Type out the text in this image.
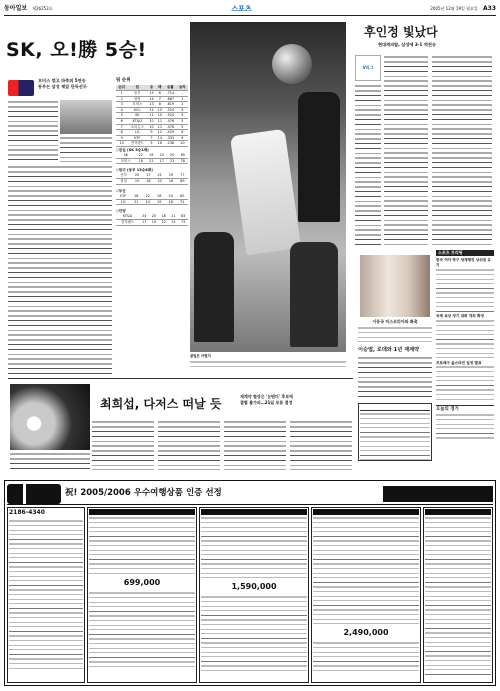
동아일보 제26253호	스포츠	2005년 12월 19일 월요일 A33
SK, 오!勝 5승!
모비스 꺾고 파죽의 5연승
동부는 삼성 제압 단독선두
팀 순위
순위	팀	승	패	승률	승차
1	동부	15	6	.714	-
2	삼성	14	7	.667	1
3	모비스	13	8	.619	2
4	KCC	11	10	.524	4
5	SK	11	10	.524	4
6	KT&G	10	11	.476	5
7	오리온스	10	11	.476	5
8	LG	9	12	.429	6
9	KTF	7	14	.333	8
10	전자랜드	5	16	.238	10
▽잠실 (SK 5승1패)
SK	22	19	24	20	85
모비스	18	21	17	22	78
▽원주 (동부 15승6패)
동부	20	17	21	19	77
삼성	15	18	20	16	69
▽부산
KTF	18	22	16	24	80
LG	21	14	19	18	72
▽안양
KT&G	24	20	18	21	83
전자랜드	17	19	22	15	73
골밑은 어렵지
후인정 빛났다
현대캐피탈, 삼성에 3-1 역전승
V리그
이동국 미스코리아와 화촉
이승엽, 로데와 1년 재계약
스포츠 브리핑
한국 여자 탁구 세계랭킹 상위권 유지
국제 육상 경기 대회 개최 확정
프로배구 올스타전 일정 발표
오늘의 경기
최희섭, 다저스 떠날 듯
재계약 협상은 '논텐더' 후보에
결별 불가피…21일 보류 결정
祝! 2005/2006 우수여행상품 인증 선정
2186-4340
699,000	1,590,000
2,490,000
